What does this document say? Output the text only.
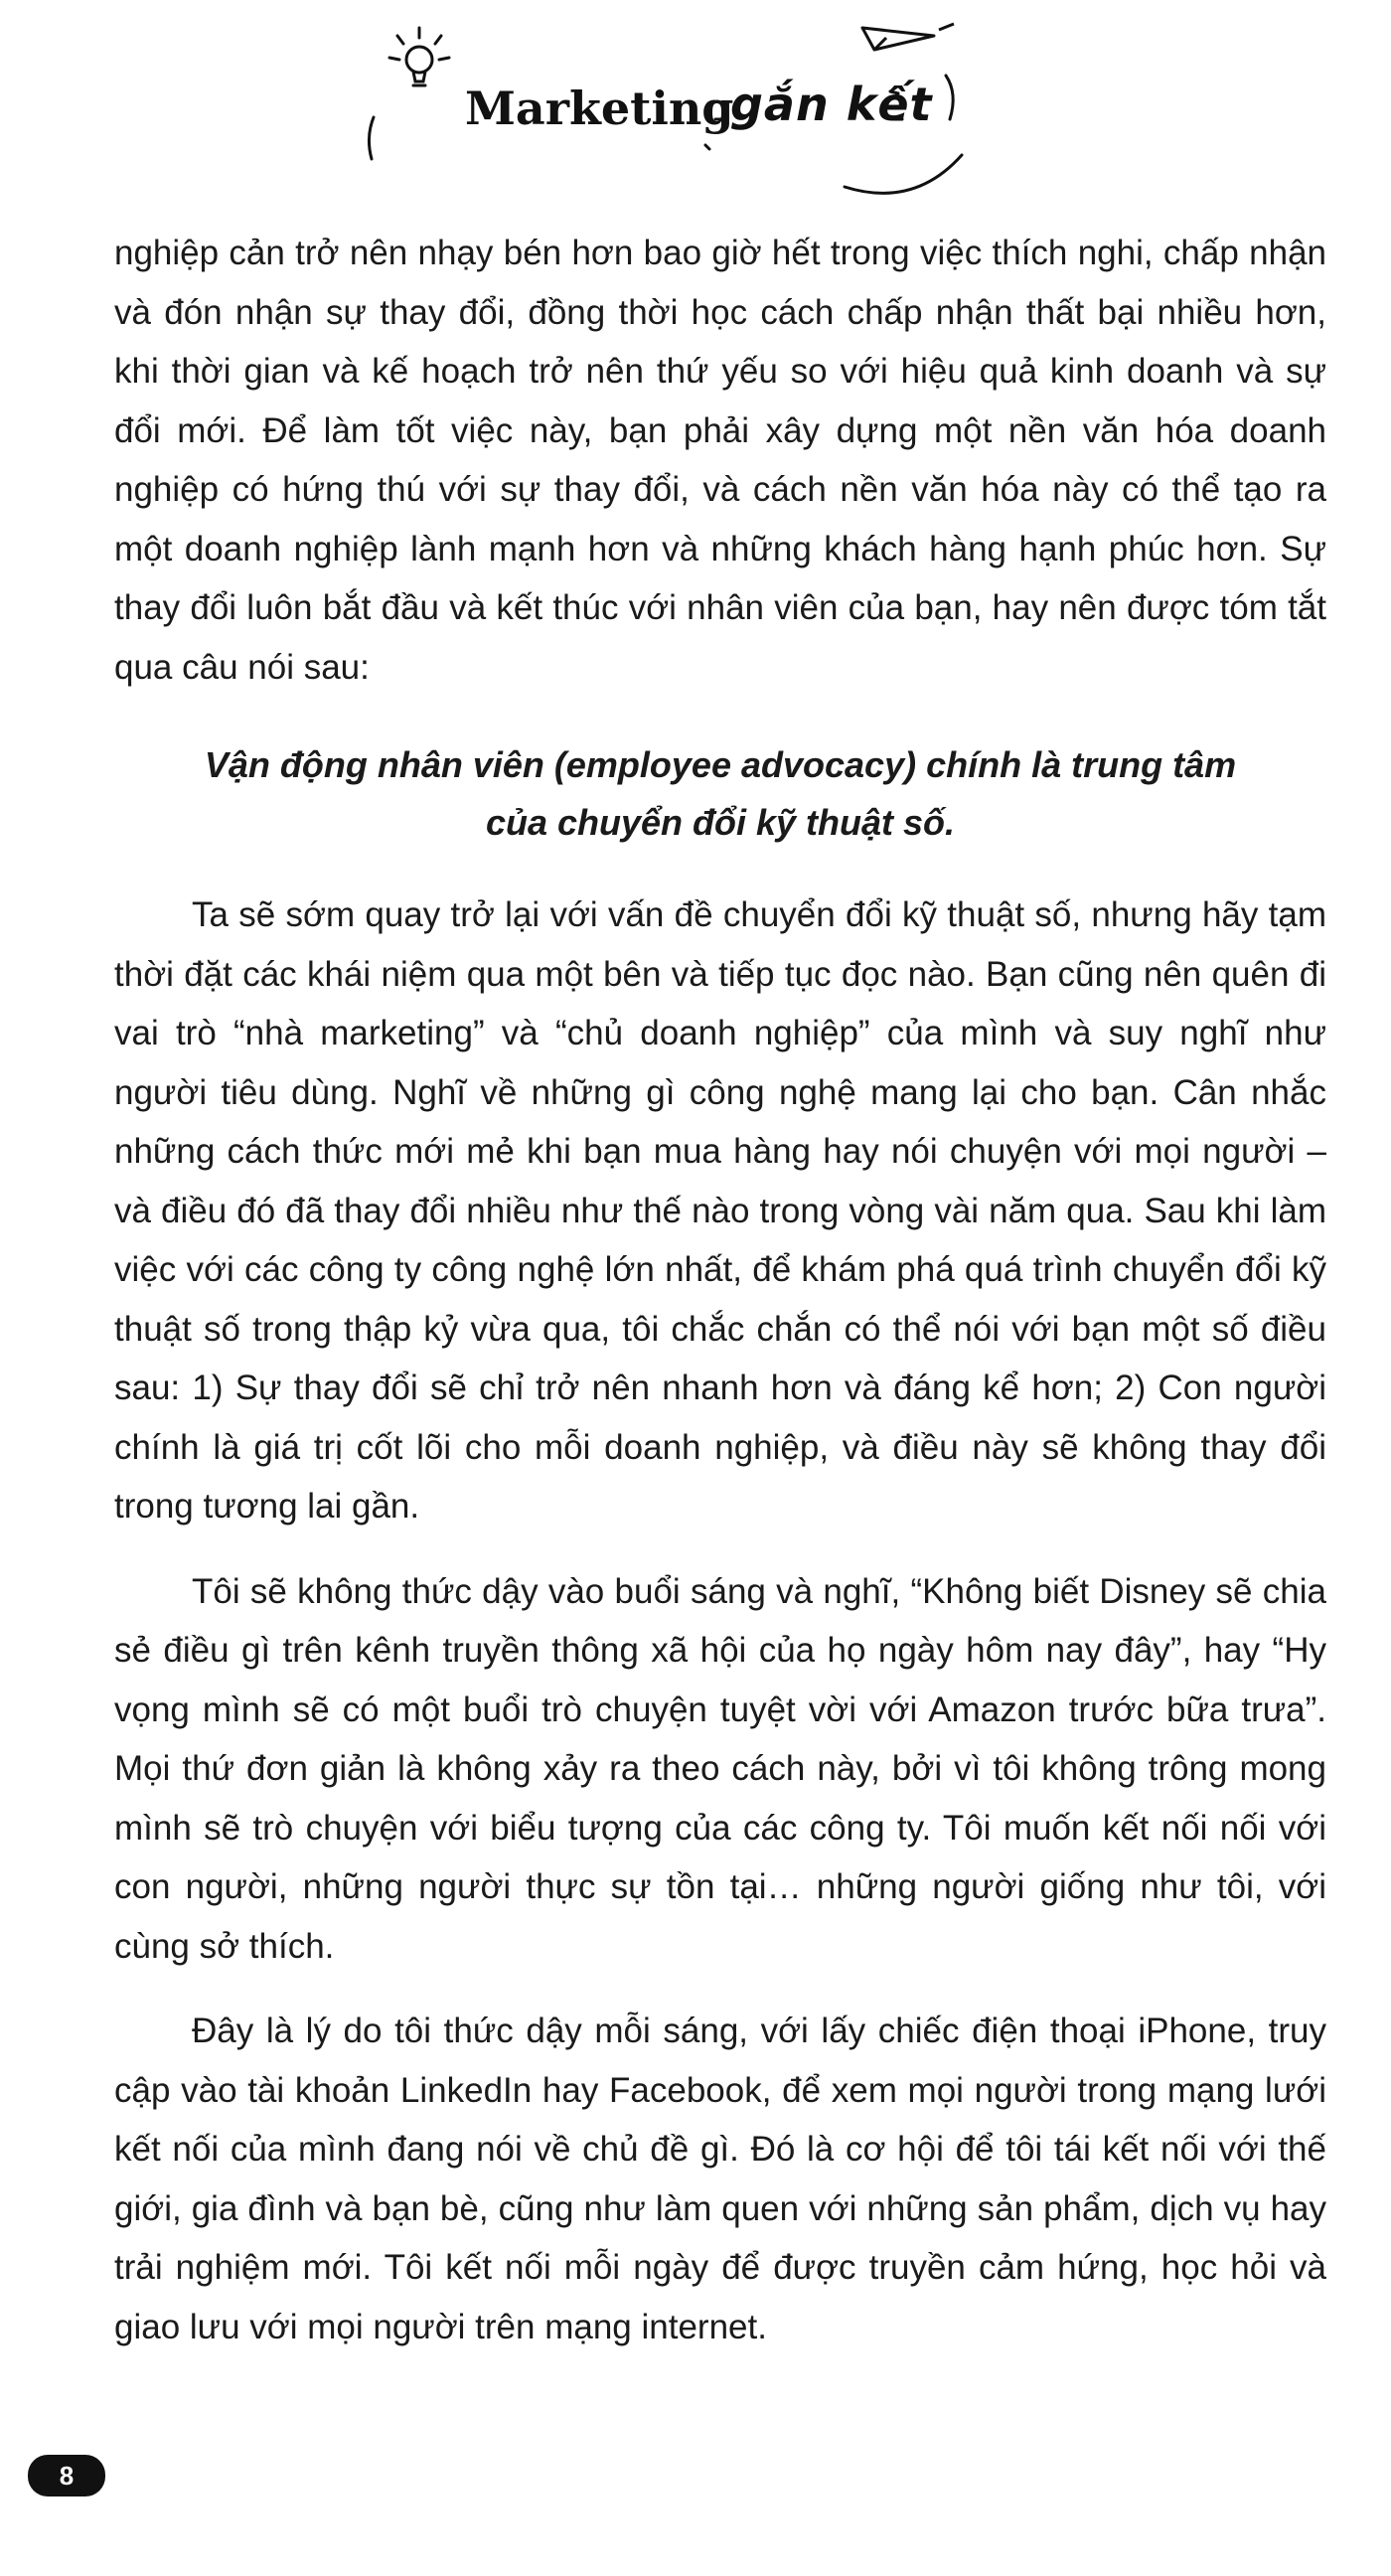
Marketing
gắn kết

nghiệp cản trở nên nhạy bén hơn bao giờ hết trong việc thích nghi, chấp nhận và đón nhận sự thay đổi, đồng thời học cách chấp nhận thất bại nhiều hơn, khi thời gian và kế hoạch trở nên thứ yếu so với hiệu quả kinh doanh và sự đổi mới. Để làm tốt việc này, bạn phải xây dựng một nền văn hóa doanh nghiệp có hứng thú với sự thay đổi, và cách nền văn hóa này có thể tạo ra một doanh nghiệp lành mạnh hơn và những khách hàng hạnh phúc hơn. Sự thay đổi luôn bắt đầu và kết thúc với nhân viên của bạn, hay nên được tóm tắt qua câu nói sau:

Vận động nhân viên (employee advocacy) chính là trung tâm
của chuyển đổi kỹ thuật số.

Ta sẽ sớm quay trở lại với vấn đề chuyển đổi kỹ thuật số, nhưng hãy tạm thời đặt các khái niệm qua một bên và tiếp tục đọc nào. Bạn cũng nên quên đi vai trò “nhà marketing” và “chủ doanh nghiệp” của mình và suy nghĩ như người tiêu dùng. Nghĩ về những gì công nghệ mang lại cho bạn. Cân nhắc những cách thức mới mẻ khi bạn mua hàng hay nói chuyện với mọi người – và điều đó đã thay đổi nhiều như thế nào trong vòng vài năm qua. Sau khi làm việc với các công ty công nghệ lớn nhất, để khám phá quá trình chuyển đổi kỹ thuật số trong thập kỷ vừa qua, tôi chắc chắn có thể nói với bạn một số điều sau: 1) Sự thay đổi sẽ chỉ trở nên nhanh hơn và đáng kể hơn; 2) Con người chính là giá trị cốt lõi cho mỗi doanh nghiệp, và điều này sẽ không thay đổi trong tương lai gần.

Tôi sẽ không thức dậy vào buổi sáng và nghĩ, “Không biết Disney sẽ chia sẻ điều gì trên kênh truyền thông xã hội của họ ngày hôm nay đây”, hay “Hy vọng mình sẽ có một buổi trò chuyện tuyệt vời với Amazon trước bữa trưa”. Mọi thứ đơn giản là không xảy ra theo cách này, bởi vì tôi không trông mong mình sẽ trò chuyện với biểu tượng của các công ty. Tôi muốn kết nối nối với con người, những người thực sự tồn tại… những người giống như tôi, với cùng sở thích.

Đây là lý do tôi thức dậy mỗi sáng, với lấy chiếc điện thoại iPhone, truy cập vào tài khoản LinkedIn hay Facebook, để xem mọi người trong mạng lưới kết nối của mình đang nói về chủ đề gì. Đó là cơ hội để tôi tái kết nối với thế giới, gia đình và bạn bè, cũng như làm quen với những sản phẩm, dịch vụ hay trải nghiệm mới. Tôi kết nối mỗi ngày để được truyền cảm hứng, học hỏi và giao lưu với mọi người trên mạng internet.

8
